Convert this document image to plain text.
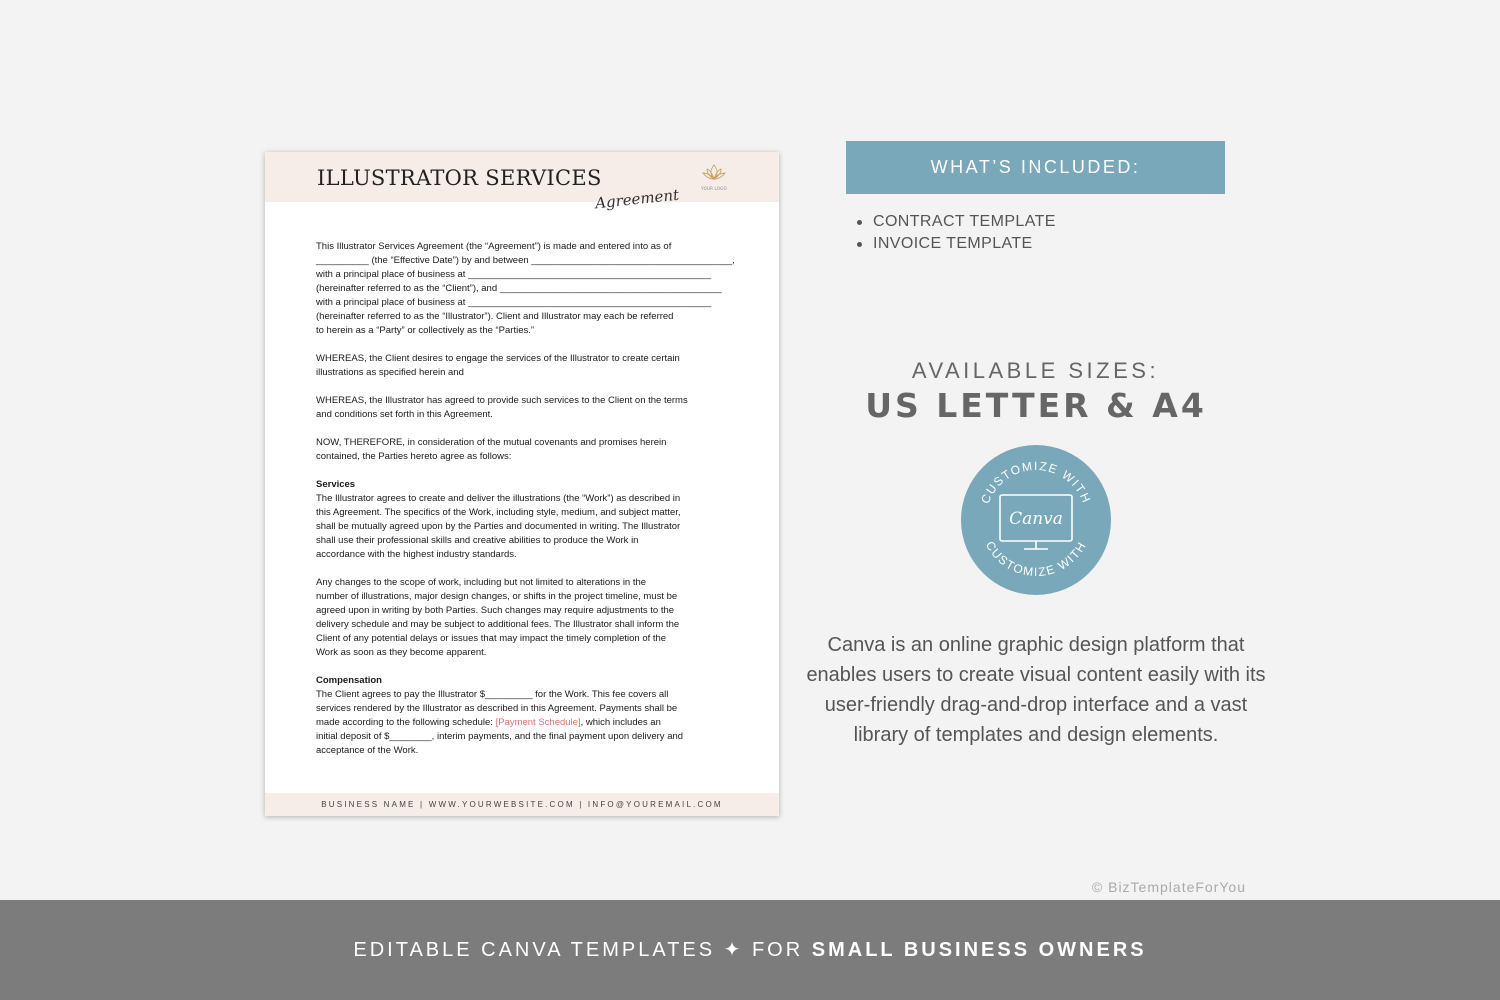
ILLUSTRATOR SERVICES
Agreement	YOUR LOGO

This Illustrator Services Agreement (the “Agreement”) is made and entered into as of
__________ (the “Effective Date”) by and between ______________________________________,
with a principal place of business at ______________________________________________
(hereinafter referred to as the “Client”), and __________________________________________
with a principal place of business at ______________________________________________
(hereinafter referred to as the “Illustrator”). Client and Illustrator may each be referred
to herein as a “Party” or collectively as the “Parties.”

WHEREAS, the Client desires to engage the services of the Illustrator to create certain
illustrations as specified herein and

WHEREAS, the Illustrator has agreed to provide such services to the Client on the terms
and conditions set forth in this Agreement.

NOW, THEREFORE, in consideration of the mutual covenants and promises herein
contained, the Parties hereto agree as follows:

Services
The Illustrator agrees to create and deliver the illustrations (the “Work”) as described in
this Agreement. The specifics of the Work, including style, medium, and subject matter,
shall be mutually agreed upon by the Parties and documented in writing. The Illustrator
shall use their professional skills and creative abilities to produce the Work in
accordance with the highest industry standards.

Any changes to the scope of work, including but not limited to alterations in the
number of illustrations, major design changes, or shifts in the project timeline, must be
agreed upon in writing by both Parties. Such changes may require adjustments to the
delivery schedule and may be subject to additional fees. The Illustrator shall inform the
Client of any potential delays or issues that may impact the timely completion of the
Work as soon as they become apparent.

Compensation
The Client agrees to pay the Illustrator $_________ for the Work. This fee covers all
services rendered by the Illustrator as described in this Agreement. Payments shall be
made according to the following schedule: [Payment Schedule], which includes an
initial deposit of $________, interim payments, and the final payment upon delivery and
acceptance of the Work.

BUSINESS NAME | WWW.YOURWEBSITE.COM | INFO@YOUREMAIL.COM
WHAT’S INCLUDED:
CONTRACT TEMPLATE
INVOICE TEMPLATE
AVAILABLE SIZES:
US LETTER & A4
CUSTOMIZE WITH
CUSTOMIZE WITH
Canva
Canva is an online graphic design platform that enables users to create visual content easily with its user-friendly drag-and-drop interface and a vast library of templates and design elements.
© BizTemplateForYou
EDITABLE CANVA TEMPLATES ✦ FOR SMALL BUSINESS OWNERS
